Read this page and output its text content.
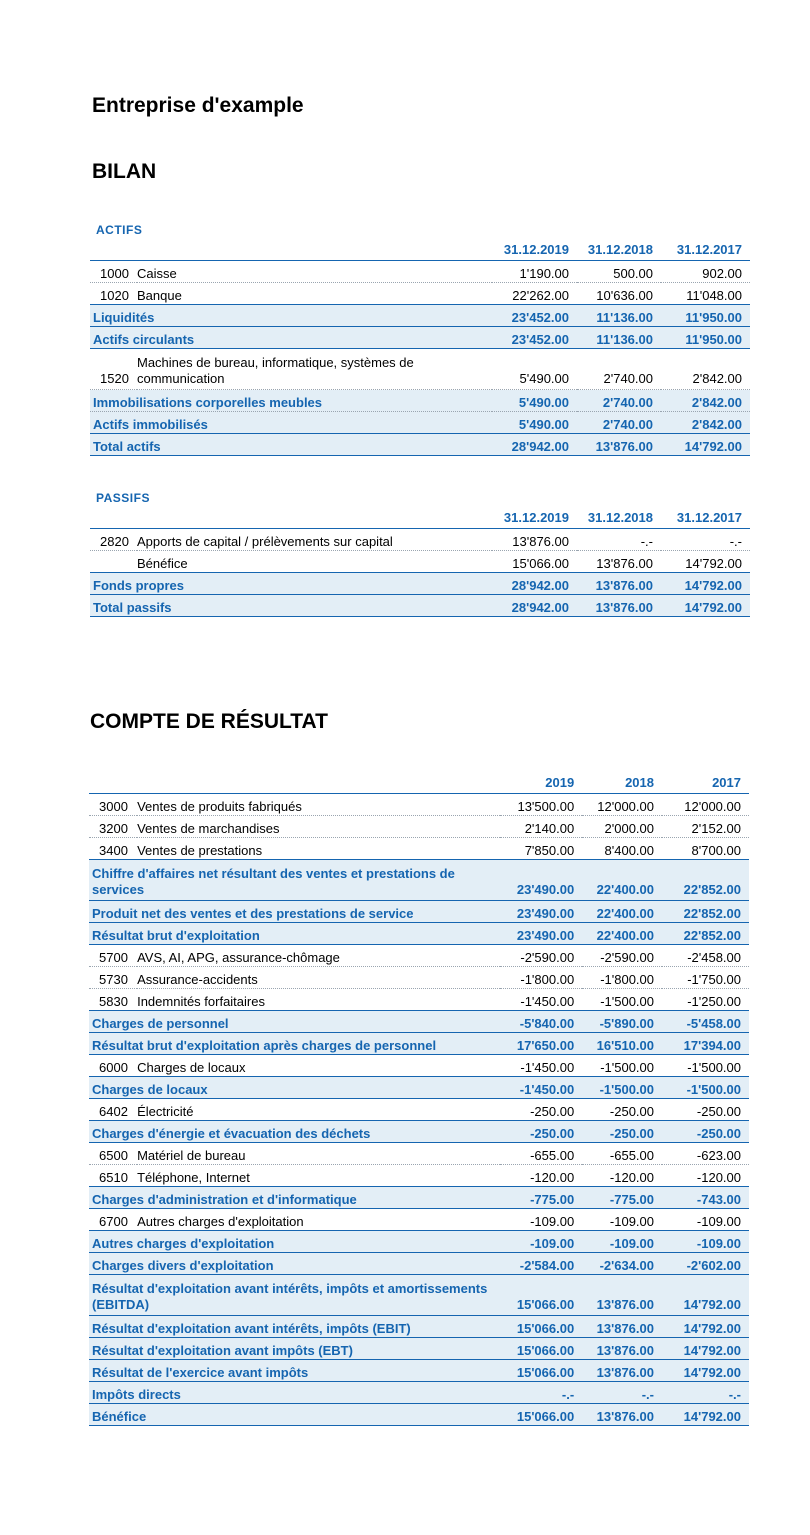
Entreprise d'example
BILAN
ACTIFS
		31.12.2019	31.12.2018	31.12.2017
1000	Caisse	1'190.00	500.00	902.00
1020	Banque	22'262.00	10'636.00	11'048.00
Liquidités		23'452.00	11'136.00	11'950.00
Actifs circulants		23'452.00	11'136.00	11'950.00
1520	Machines de bureau, informatique, systèmes de communication	5'490.00	2'740.00	2'842.00
Immobilisations corporelles meubles		5'490.00	2'740.00	2'842.00
Actifs immobilisés		5'490.00	2'740.00	2'842.00
Total actifs		28'942.00	13'876.00	14'792.00
PASSIFS
		31.12.2019	31.12.2018	31.12.2017
2820	Apports de capital / prélèvements sur capital	13'876.00	-.-	-.-
	Bénéfice	15'066.00	13'876.00	14'792.00
Fonds propres		28'942.00	13'876.00	14'792.00
Total passifs		28'942.00	13'876.00	14'792.00
COMPTE DE RÉSULTAT
		2019	2018	2017
3000	Ventes de produits fabriqués	13'500.00	12'000.00	12'000.00
3200	Ventes de marchandises	2'140.00	2'000.00	2'152.00
3400	Ventes de prestations	7'850.00	8'400.00	8'700.00
Chiffre d'affaires net résultant des ventes et prestations de services		23'490.00	22'400.00	22'852.00
Produit net des ventes et des prestations de service		23'490.00	22'400.00	22'852.00
Résultat brut d'exploitation		23'490.00	22'400.00	22'852.00
5700	AVS, AI, APG, assurance-chômage	-2'590.00	-2'590.00	-2'458.00
5730	Assurance-accidents	-1'800.00	-1'800.00	-1'750.00
5830	Indemnités forfaitaires	-1'450.00	-1'500.00	-1'250.00
Charges de personnel		-5'840.00	-5'890.00	-5'458.00
Résultat brut d'exploitation après charges de personnel		17'650.00	16'510.00	17'394.00
6000	Charges de locaux	-1'450.00	-1'500.00	-1'500.00
Charges de locaux		-1'450.00	-1'500.00	-1'500.00
6402	Électricité	-250.00	-250.00	-250.00
Charges d'énergie et évacuation des déchets		-250.00	-250.00	-250.00
6500	Matériel de bureau	-655.00	-655.00	-623.00
6510	Téléphone, Internet	-120.00	-120.00	-120.00
Charges d'administration et d'informatique		-775.00	-775.00	-743.00
6700	Autres charges d'exploitation	-109.00	-109.00	-109.00
Autres charges d'exploitation		-109.00	-109.00	-109.00
Charges divers d'exploitation		-2'584.00	-2'634.00	-2'602.00
Résultat d'exploitation avant intérêts, impôts et amortissements (EBITDA)		15'066.00	13'876.00	14'792.00
Résultat d'exploitation avant intérêts, impôts (EBIT)		15'066.00	13'876.00	14'792.00
Résultat d'exploitation avant impôts (EBT)		15'066.00	13'876.00	14'792.00
Résultat de l'exercice avant impôts		15'066.00	13'876.00	14'792.00
Impôts directs		-.-	-.-	-.-
Bénéfice		15'066.00	13'876.00	14'792.00
